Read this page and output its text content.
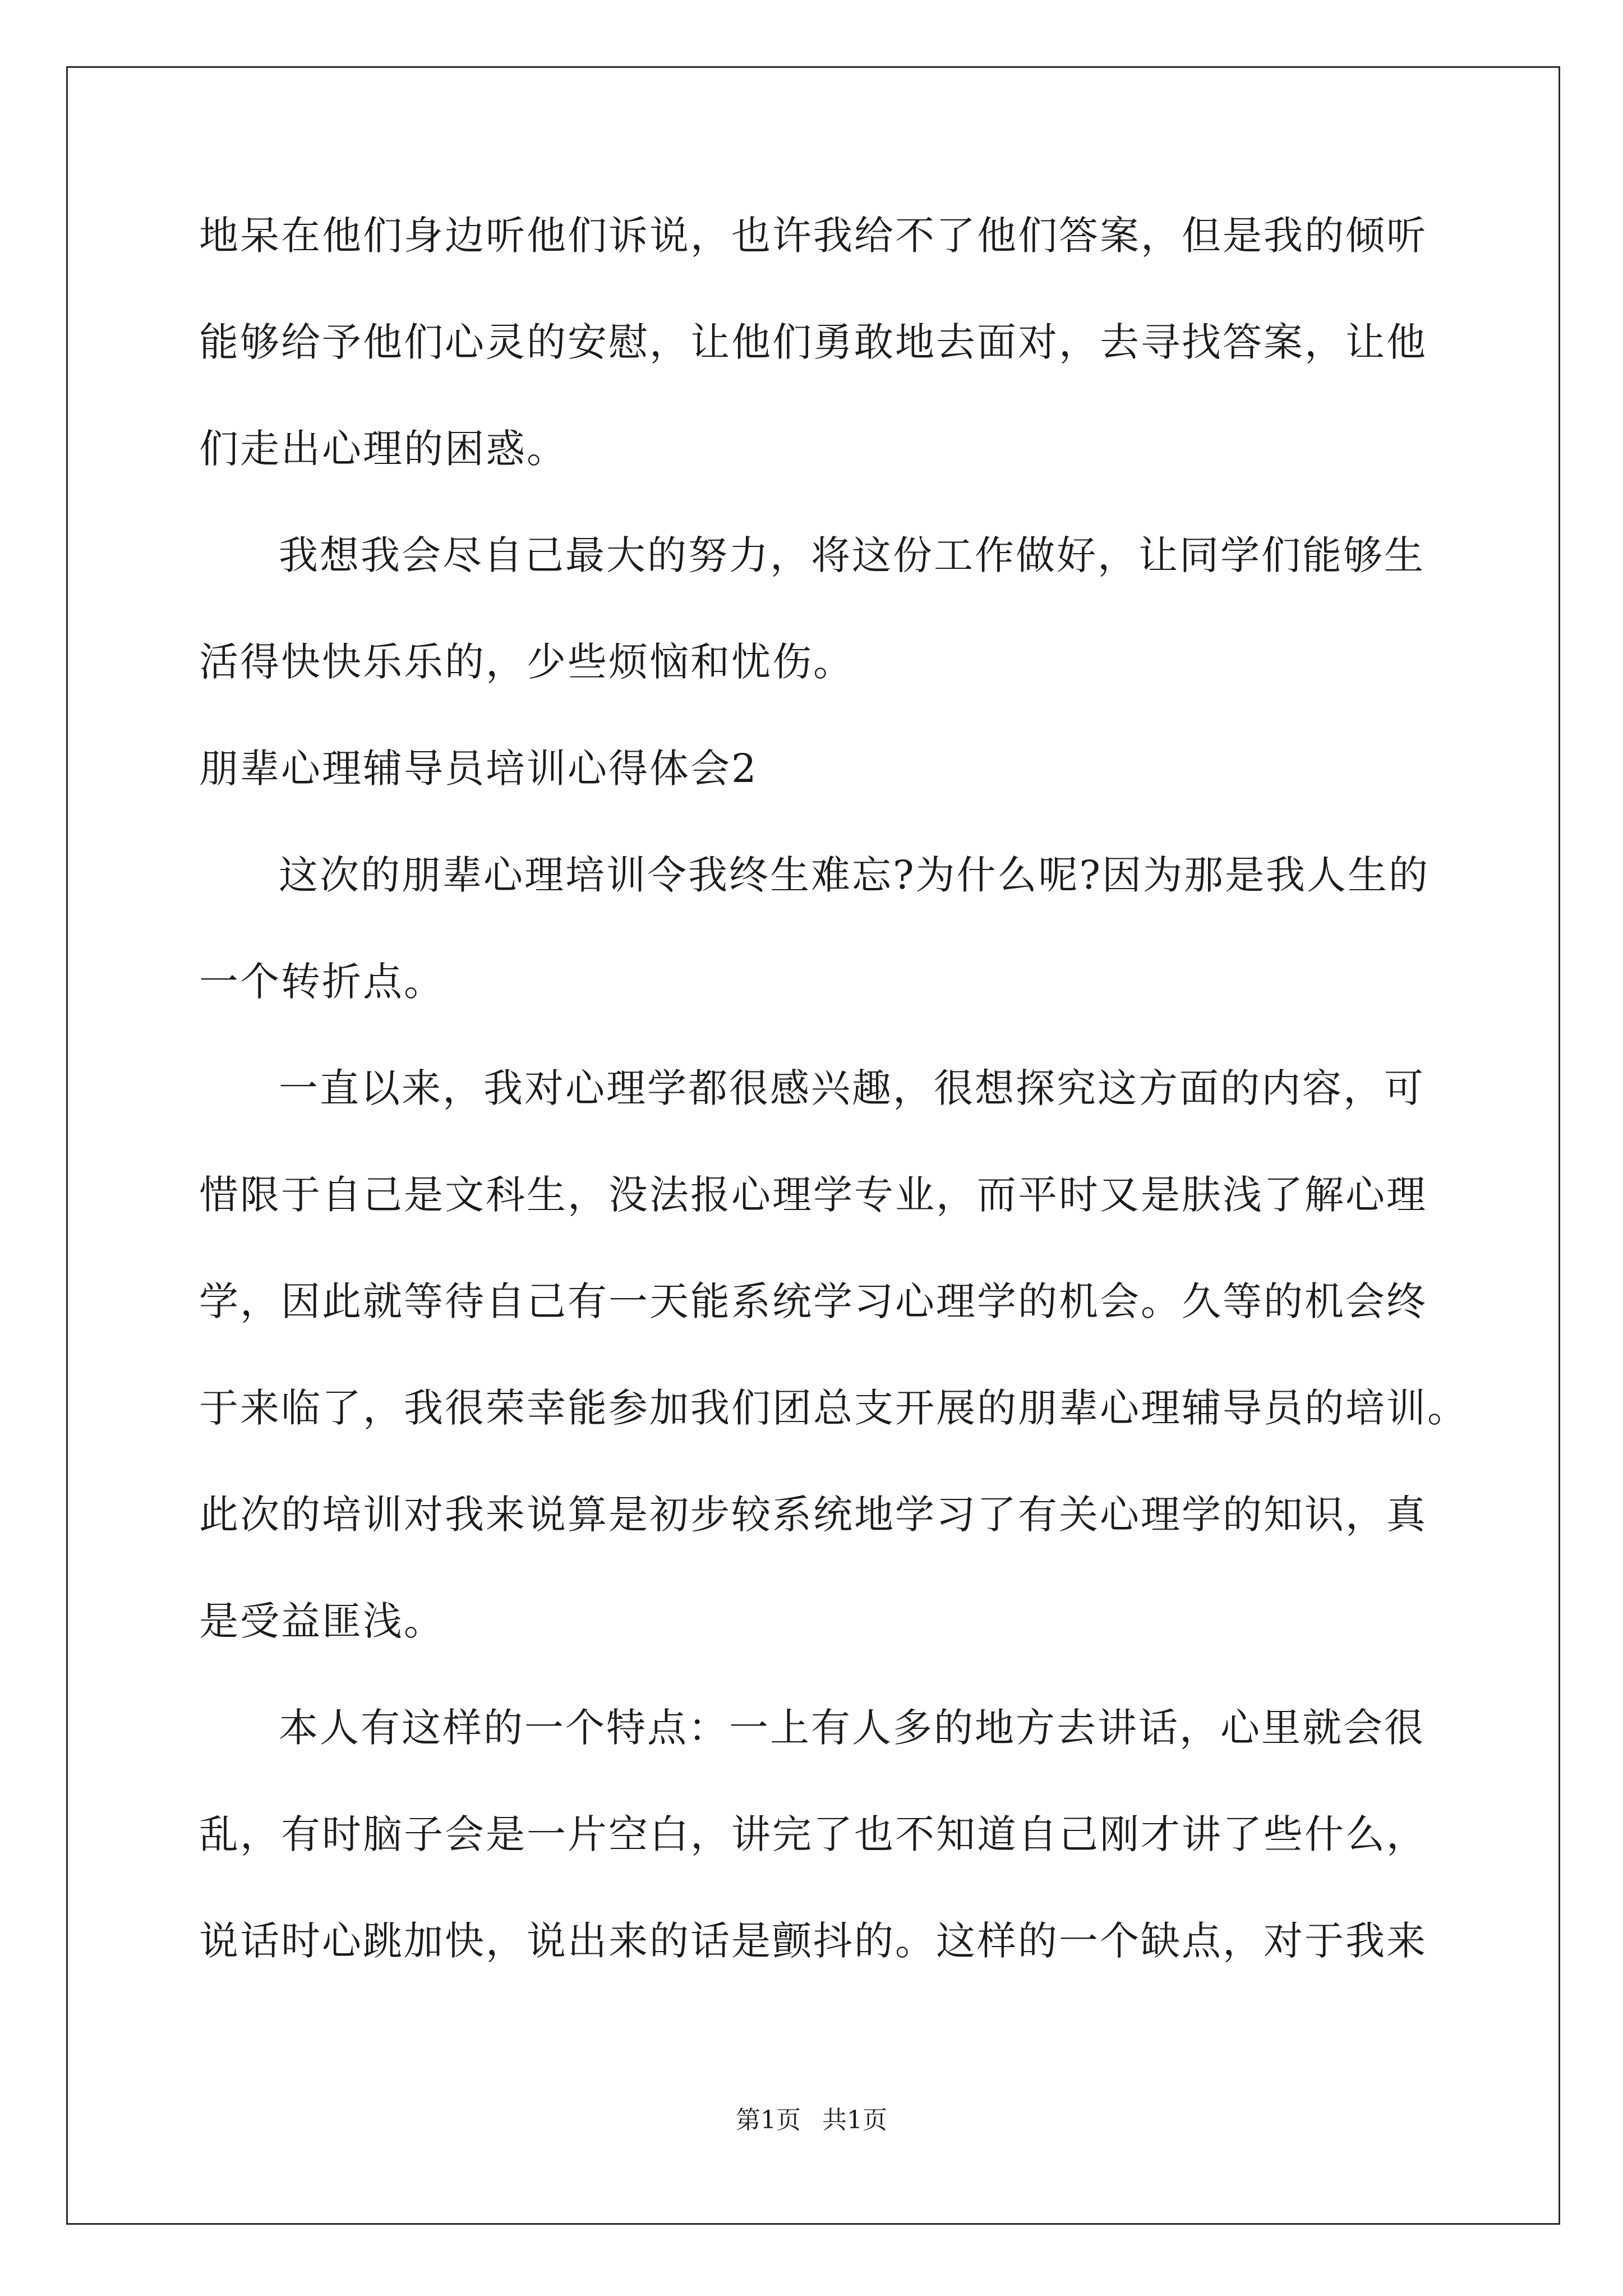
地呆在他们身边听他们诉说，也许我给不了他们答案，但是我的倾听

能够给予他们心灵的安慰，让他们勇敢地去面对，去寻找答案，让他

们走出心理的困惑。

我想我会尽自己最大的努力，将这份工作做好，让同学们能够生

活得快快乐乐的，少些烦恼和忧伤。

朋辈心理辅导员培训心得体会2

这次的朋辈心理培训令我终生难忘?为什么呢?因为那是我人生的

一个转折点。

一直以来，我对心理学都很感兴趣，很想探究这方面的内容，可

惜限于自己是文科生，没法报心理学专业，而平时又是肤浅了解心理

学，因此就等待自己有一天能系统学习心理学的机会。久等的机会终

于来临了，我很荣幸能参加我们团总支开展的朋辈心理辅导员的培训。

此次的培训对我来说算是初步较系统地学习了有关心理学的知识，真

是受益匪浅。

本人有这样的一个特点：一上有人多的地方去讲话，心里就会很

乱，有时脑子会是一片空白，讲完了也不知道自己刚才讲了些什么，

说话时心跳加快，说出来的话是颤抖的。这样的一个缺点，对于我来

第1页 共1页
